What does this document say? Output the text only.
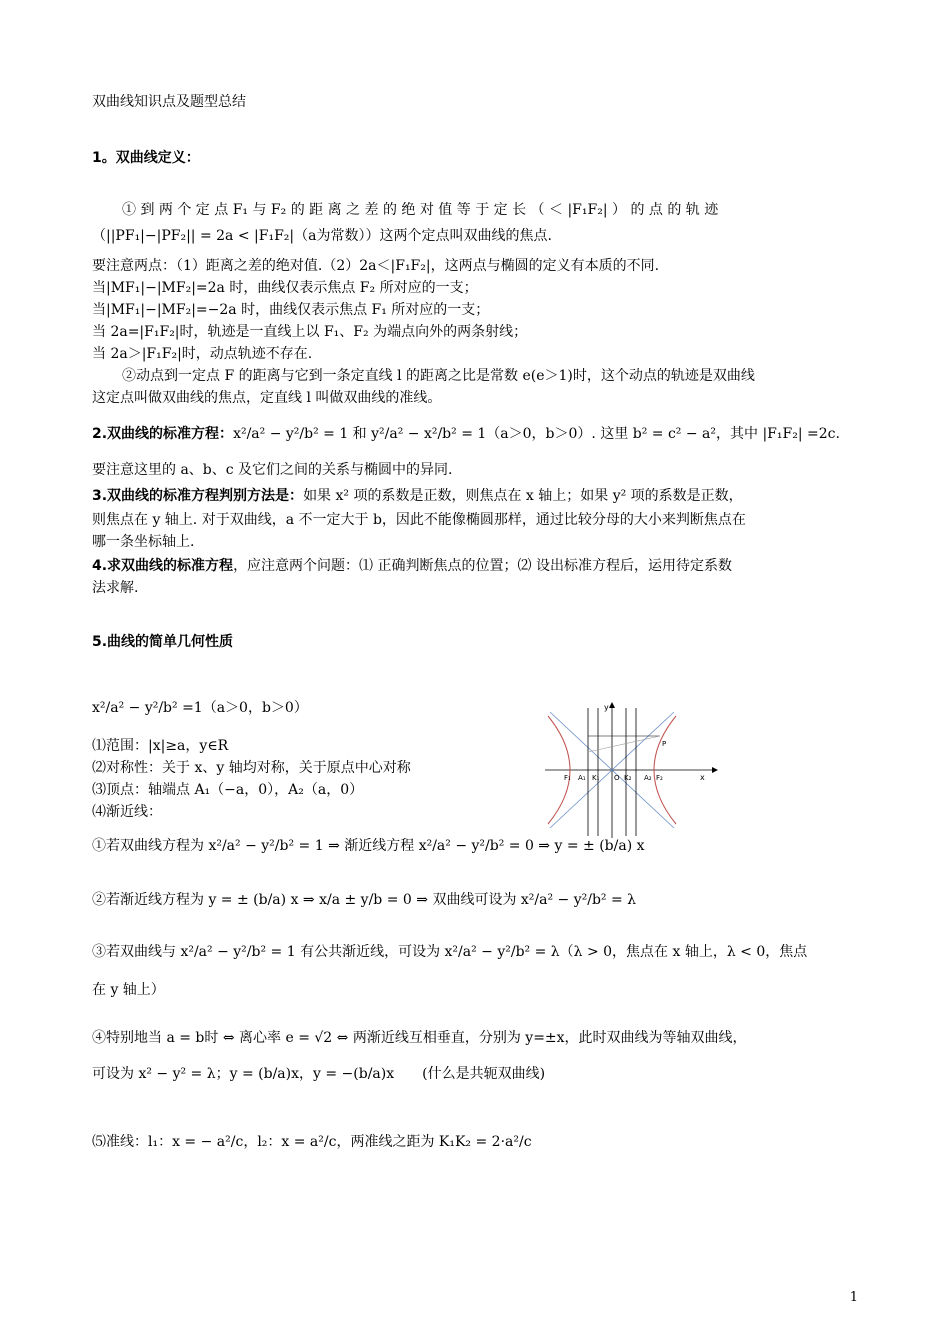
双曲线知识点及题型总结
1。双曲线定义：
① 到 两 个 定 点 F₁ 与 F₂ 的 距 离 之 差 的 绝 对 值 等 于 定 长 （ ＜ |F₁F₂| ） 的 点 的 轨 迹
（||PF₁|−|PF₂|| = 2a < |F₁F₂|（a为常数））这两个定点叫双曲线的焦点.
要注意两点：（1）距离之差的绝对值.（2）2a＜|F₁F₂|，这两点与椭圆的定义有本质的不同.
当|MF₁|−|MF₂|=2a 时，曲线仅表示焦点 F₂ 所对应的一支；
当|MF₁|−|MF₂|=−2a 时，曲线仅表示焦点 F₁ 所对应的一支；
当 2a=|F₁F₂|时，轨迹是一直线上以 F₁、F₂ 为端点向外的两条射线；
当 2a＞|F₁F₂|时，动点轨迹不存在.
②动点到一定点 F 的距离与它到一条定直线 l 的距离之比是常数 e(e＞1)时，这个动点的轨迹是双曲线
这定点叫做双曲线的焦点，定直线 l 叫做双曲线的准线。
2.双曲线的标准方程：x²/a² − y²/b² = 1 和 y²/a² − x²/b² = 1（a＞0，b＞0）. 这里 b² = c² − a²，其中 |F₁F₂| =2c.
要注意这里的 a、b、c 及它们之间的关系与椭圆中的异同.
3.双曲线的标准方程判别方法是：如果 x² 项的系数是正数，则焦点在 x 轴上；如果 y² 项的系数是正数，
则焦点在 y 轴上. 对于双曲线，a 不一定大于 b，因此不能像椭圆那样，通过比较分母的大小来判断焦点在
哪一条坐标轴上.
4.求双曲线的标准方程，应注意两个问题：⑴ 正确判断焦点的位置；⑵ 设出标准方程后，运用待定系数
法求解.
5.曲线的简单几何性质
x²/a² − y²/b² =1（a＞0，b＞0）
⑴范围：|x|≥a，y∈R
⑵对称性：关于 x、y 轴均对称，关于原点中心对称
⑶顶点：轴端点 A₁（−a，0），A₂（a，0）
⑷渐近线：
①若双曲线方程为 x²/a² − y²/b² = 1 ⇒ 渐近线方程 x²/a² − y²/b² = 0 ⇒ y = ± (b/a) x
②若渐近线方程为 y = ± (b/a) x ⇒ x/a ± y/b = 0 ⇒ 双曲线可设为 x²/a² − y²/b² = λ
③若双曲线与 x²/a² − y²/b² = 1 有公共渐近线，可设为 x²/a² − y²/b² = λ（λ > 0，焦点在 x 轴上，λ < 0，焦点
在 y 轴上）
④特别地当 a = b时 ⇔ 离心率 e = √2 ⇔ 两渐近线互相垂直，分别为 y=±x，此时双曲线为等轴双曲线，
可设为 x² − y² = λ；y = (b/a)x，y = −(b/a)x　　(什么是共轭双曲线)
⑸准线：l₁：x = − a²/c，l₂：x = a²/c，两准线之距为 K₁K₂ = 2·a²/c
y
x
P
F₁ A₁ K₁ O K₂ A₂ F₂
1
